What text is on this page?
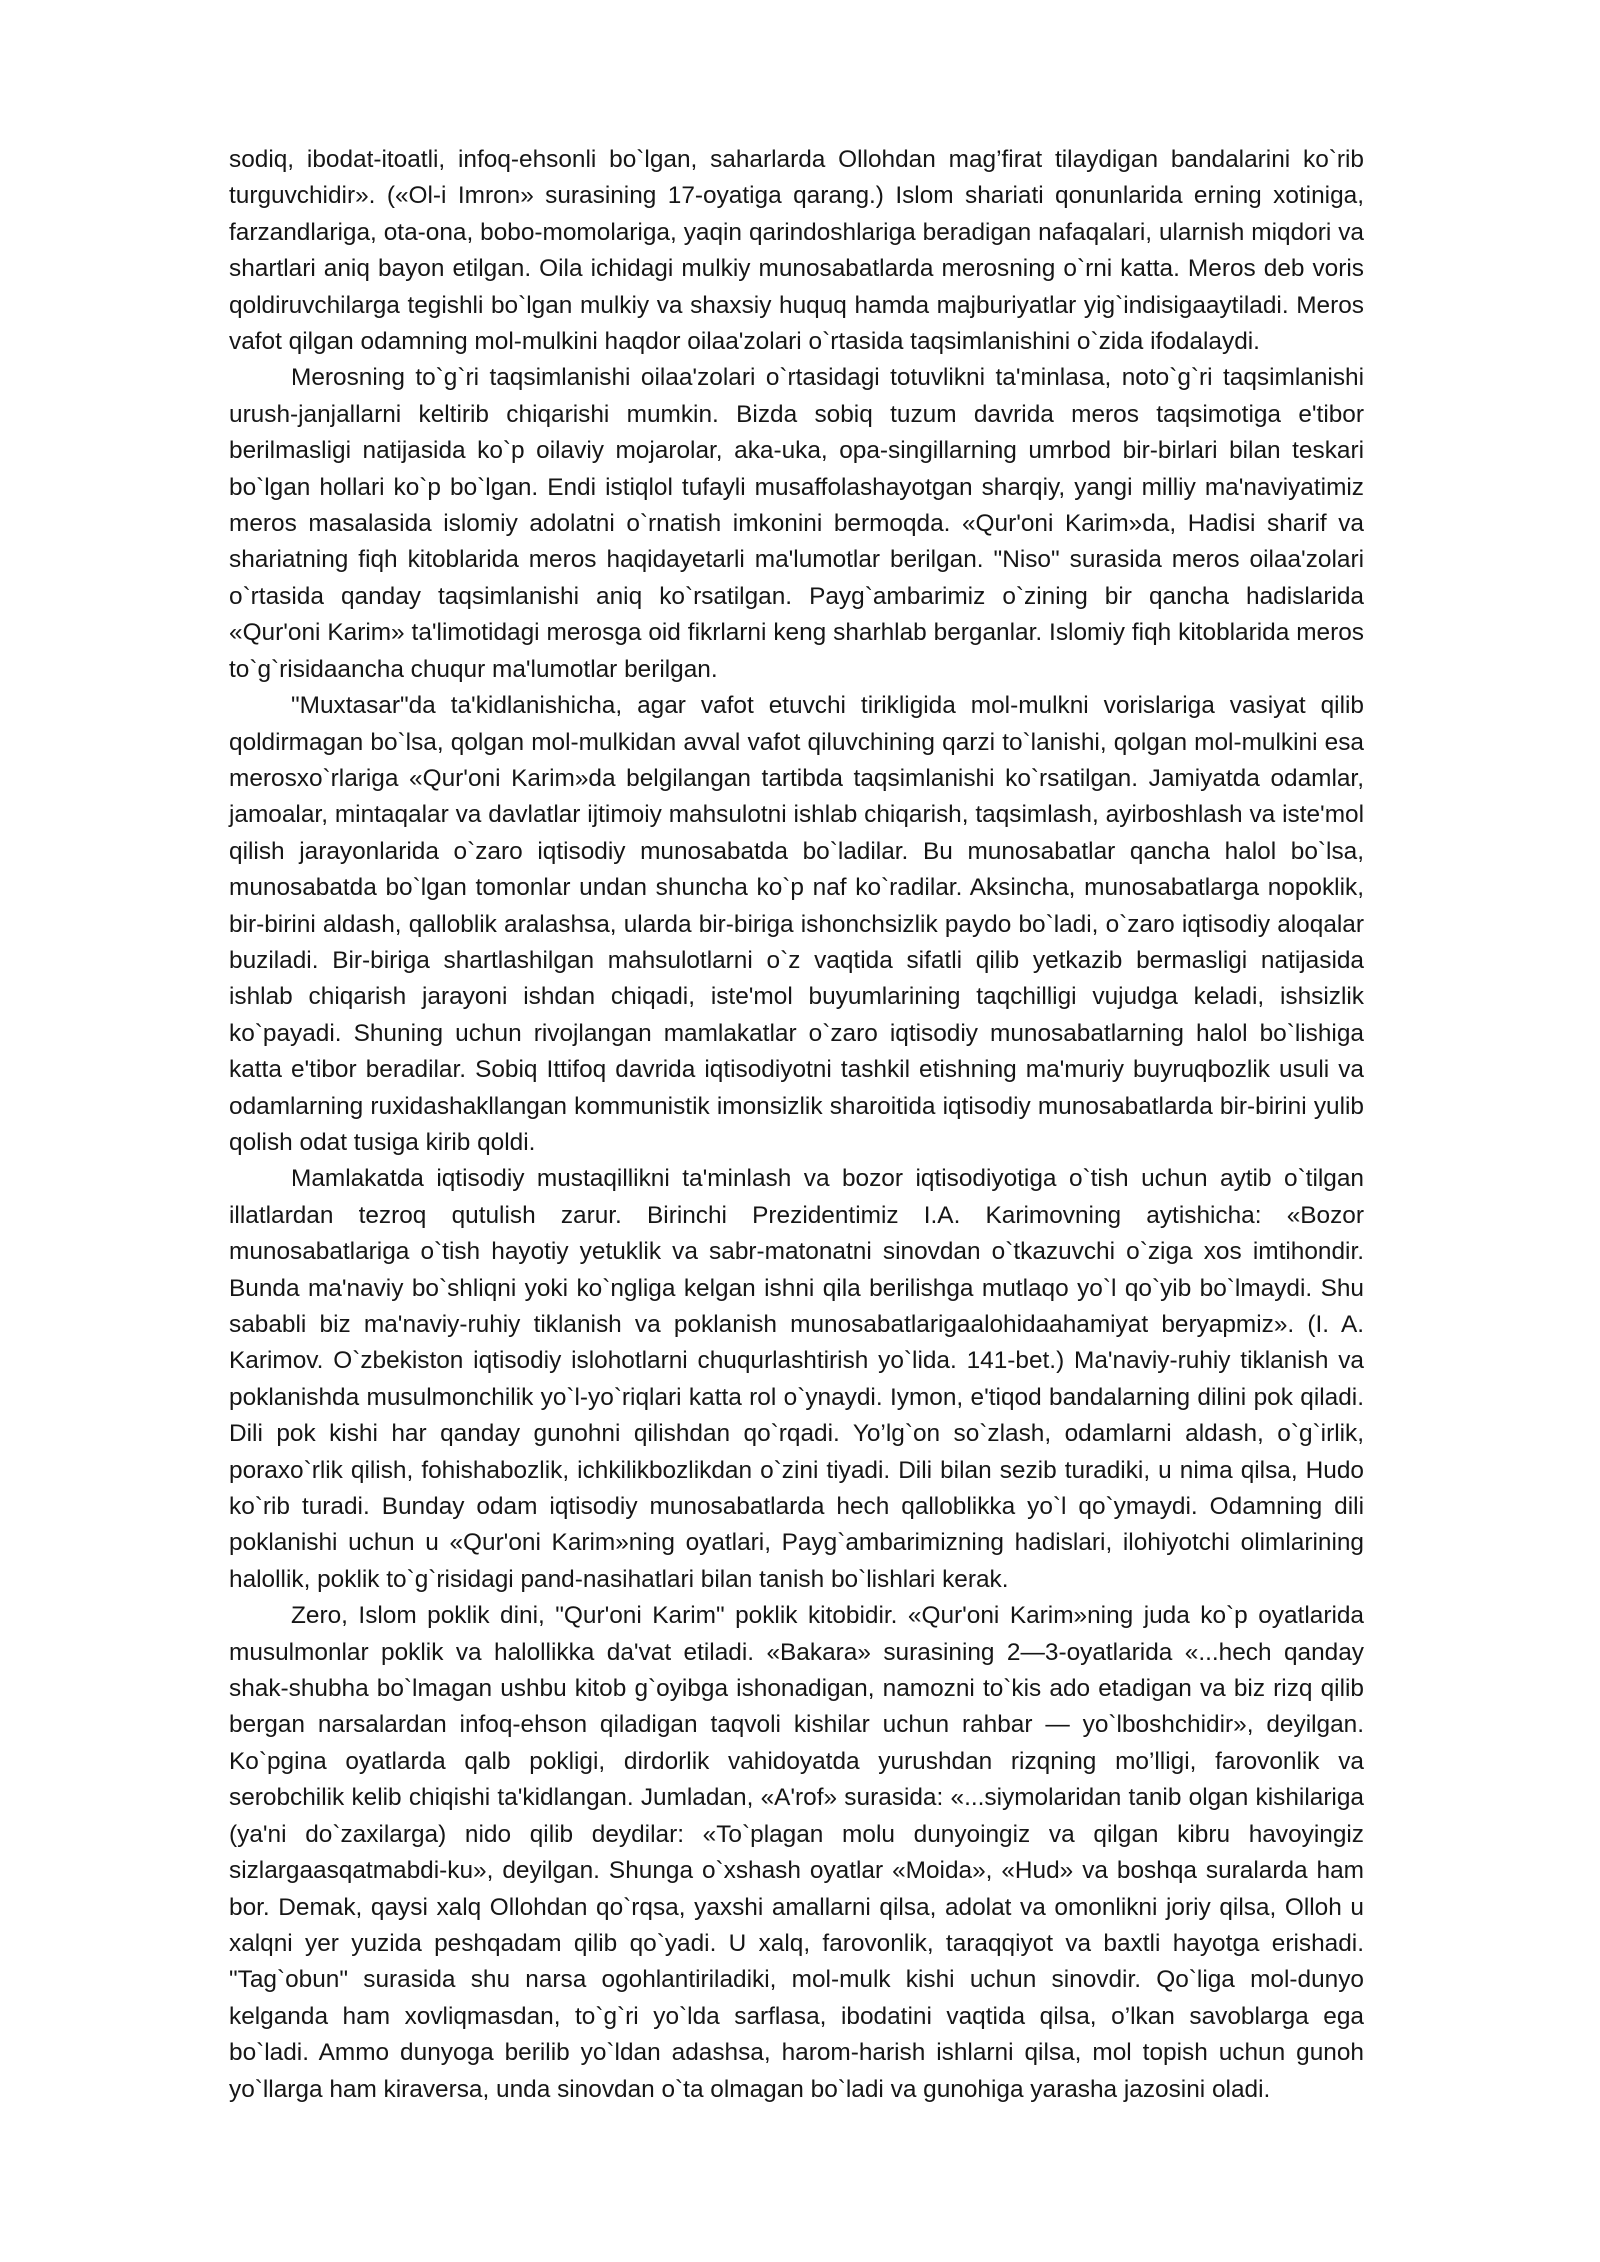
sodiq, ibodat-itoatli, infoq-ehsonli bo`lgan, saharlarda Ollohdan mag’firat tilaydigan bandalarini ko`rib turguvchidir». («Ol-i Imron» surasining 17-oyatiga qarang.) Islom shariati qonunlarida erning xotiniga, farzandlariga, ota-ona, bobo-momolariga, yaqin qarindoshlariga beradigan nafaqalari, ularnish miqdori va shartlari aniq bayon etilgan. Oila ichidagi mulkiy munosabatlarda merosning o`rni katta. Meros deb voris qoldiruvchilarga tegishli bo`lgan mulkiy va shaxsiy huquq hamda majburiyatlar yig`indisigaaytiladi. Meros vafot qilgan odamning mol-mulkini haqdor oilaa'zolari o`rtasida taqsimlanishini o`zida ifodalaydi.

Merosning to`g`ri taqsimlanishi oilaa'zolari o`rtasidagi totuvlikni ta'minlasa, noto`g`ri taqsimlanishi urush-janjallarni keltirib chiqarishi mumkin. Bizda sobiq tuzum davrida meros taqsimotiga e'tibor berilmasligi natijasida ko`p oilaviy mojarolar, aka-uka, opa-singillarning umrbod bir-birlari bilan teskari bo`lgan hollari ko`p bo`lgan. Endi istiqlol tufayli musaffolashayotgan sharqiy, yangi milliy ma'naviyatimiz meros masalasida islomiy adolatni o`rnatish imkonini bermoqda. «Qur'oni Karim»da, Hadisi sharif va shariatning fiqh kitoblarida meros haqidayetarli ma'lumotlar berilgan. "Niso" surasida meros oilaa'zolari o`rtasida qanday taqsimlanishi aniq ko`rsatilgan. Payg`ambarimiz o`zining bir qancha hadislarida «Qur'oni Karim» ta'limotidagi merosga oid fikrlarni keng sharhlab berganlar. Islomiy fiqh kitoblarida meros to`g`risidaancha chuqur ma'lumotlar berilgan.

"Muxtasar"da ta'kidlanishicha, agar vafot etuvchi tirikligida mol-mulkni vorislariga vasiyat qilib qoldirmagan bo`lsa, qolgan mol-mulkidan avval vafot qiluvchining qarzi to`lanishi, qolgan mol-mulkini esa merosxo`rlariga «Qur'oni Karim»da belgilangan tartibda taqsimlanishi ko`rsatilgan. Jamiyatda odamlar, jamoalar, mintaqalar va davlatlar ijtimoiy mahsulotni ishlab chiqarish, taqsimlash, ayirboshlash va iste'mol qilish jarayonlarida o`zaro iqtisodiy munosabatda bo`ladilar. Bu munosabatlar qancha halol bo`lsa, munosabatda bo`lgan tomonlar undan shuncha ko`p naf ko`radilar. Aksincha, munosabatlarga nopoklik, bir-birini aldash, qalloblik aralashsa, ularda bir-biriga ishonchsizlik paydo bo`ladi, o`zaro iqtisodiy aloqalar buziladi. Bir-biriga shartlashilgan mahsulotlarni o`z vaqtida sifatli qilib yetkazib bermasligi natijasida ishlab chiqarish jarayoni ishdan chiqadi, iste'mol buyumlarining taqchilligi vujudga keladi, ishsizlik ko`payadi. Shuning uchun rivojlangan mamlakatlar o`zaro iqtisodiy munosabatlarning halol bo`lishiga katta e'tibor beradilar. Sobiq Ittifoq davrida iqtisodiyotni tashkil etishning ma'muriy buyruqbozlik usuli va odamlarning ruxidashakllangan kommunistik imonsizlik sharoitida iqtisodiy munosabatlarda bir-birini yulib qolish odat tusiga kirib qoldi.

Mamlakatda iqtisodiy mustaqillikni ta'minlash va bozor iqtisodiyotiga o`tish uchun aytib o`tilgan illatlardan tezroq qutulish zarur. Birinchi Prezidentimiz I.A. Karimovning aytishicha: «Bozor munosabatlariga o`tish hayotiy yetuklik va sabr-matonatni sinovdan o`tkazuvchi o`ziga xos imtihondir. Bunda ma'naviy bo`shliqni yoki ko`ngliga kelgan ishni qila berilishga mutlaqo yo`l qo`yib bo`lmaydi. Shu sababli biz ma'naviy-ruhiy tiklanish va poklanish munosabatlarigaalohidaahamiyat beryapmiz». (I. A. Karimov. O`zbekiston iqtisodiy islohotlarni chuqurlashtirish yo`lida. 141-bet.) Ma'naviy-ruhiy tiklanish va poklanishda musulmonchilik yo`l-yo`riqlari katta rol o`ynaydi. Iymon, e'tiqod bandalarning dilini pok qiladi. Dili pok kishi har qanday gunohni qilishdan qo`rqadi. Yo’lg`on so`zlash, odamlarni aldash, o`g`irlik, poraxo`rlik qilish, fohishabozlik, ichkilikbozlikdan o`zini tiyadi. Dili bilan sezib turadiki, u nima qilsa, Hudo ko`rib turadi. Bunday odam iqtisodiy munosabatlarda hech qalloblikka yo`l qo`ymaydi. Odamning dili poklanishi uchun u «Qur'oni Karim»ning oyatlari, Payg`ambarimizning hadislari, ilohiyotchi olimlarining halollik, poklik to`g`risidagi pand-nasihatlari bilan tanish bo`lishlari kerak.

Zero, Islom poklik dini, "Qur'oni Karim" poklik kitobidir. «Qur'oni Karim»ning juda ko`p oyatlarida musulmonlar poklik va halollikka da'vat etiladi. «Bakara» surasining 2—3-oyatlarida «...hech qanday shak-shubha bo`lmagan ushbu kitob g`oyibga ishonadigan, namozni to`kis ado etadigan va biz rizq qilib bergan narsalardan infoq-ehson qiladigan taqvoli kishilar uchun rahbar — yo`lboshchidir», deyilgan. Ko`pgina oyatlarda qalb pokligi, dirdorlik vahidoyatda yurushdan rizqning mo’lligi, farovonlik va serobchilik kelib chiqishi ta'kidlangan. Jumladan, «A'rof» surasida: «...siymolaridan tanib olgan kishilariga (ya'ni do`zaxilarga) nido qilib deydilar: «To`plagan molu dunyoingiz va qilgan kibru havoyingiz sizlargaasqatmabdi-ku», deyilgan. Shunga o`xshash oyatlar «Moida», «Hud» va boshqa suralarda ham bor. Demak, qaysi xalq Ollohdan qo`rqsa, yaxshi amallarni qilsa, adolat va omonlikni joriy qilsa, Olloh u xalqni yer yuzida peshqadam qilib qo`yadi. U xalq, farovonlik, taraqqiyot va baxtli hayotga erishadi. "Tag`obun" surasida shu narsa ogohlantiriladiki, mol-mulk kishi uchun sinovdir. Qo`liga mol-dunyo kelganda ham xovliqmasdan, to`g`ri yo`lda sarflasa, ibodatini vaqtida qilsa, o’lkan savoblarga ega bo`ladi. Ammo dunyoga berilib yo`ldan adashsa, harom-harish ishlarni qilsa, mol topish uchun gunoh yo`llarga ham kiraversa, unda sinovdan o`ta olmagan bo`ladi va gunohiga yarasha jazosini oladi.
